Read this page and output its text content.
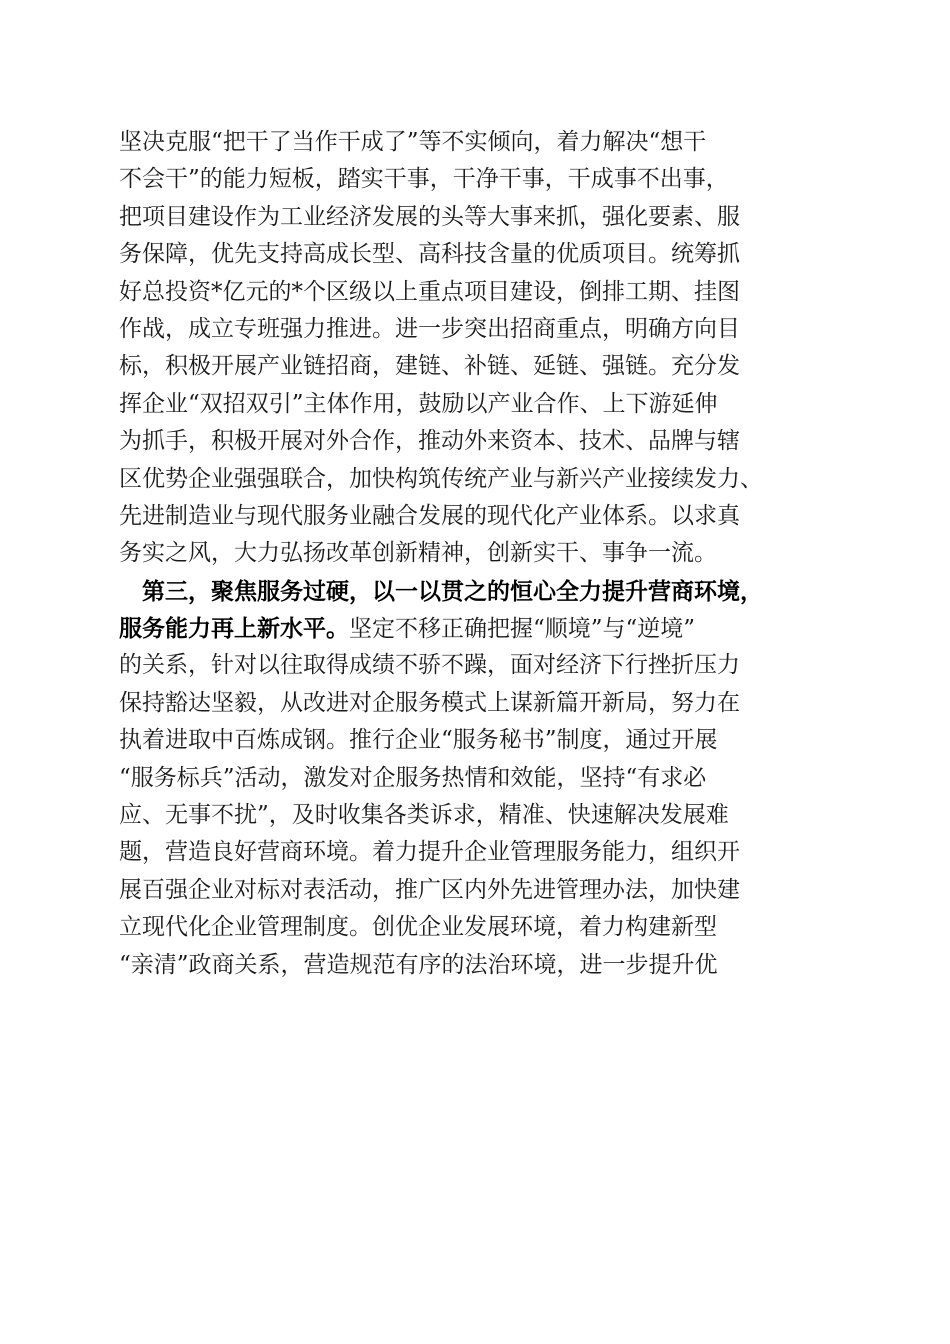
坚决克服“把干了当作干成了”等不实倾向，着力解决“想干
不会干”的能力短板，踏实干事，干净干事，干成事不出事，
把项目建设作为工业经济发展的头等大事来抓，强化要素、服
务保障，优先支持高成长型、高科技含量的优质项目。统筹抓
好总投资*亿元的*个区级以上重点项目建设，倒排工期、挂图
作战，成立专班强力推进。进一步突出招商重点，明确方向目
标，积极开展产业链招商，建链、补链、延链、强链。充分发
挥企业“双招双引”主体作用，鼓励以产业合作、上下游延伸
为抓手，积极开展对外合作，推动外来资本、技术、品牌与辖
区优势企业强强联合，加快构筑传统产业与新兴产业接续发力、
先进制造业与现代服务业融合发展的现代化产业体系。以求真
务实之风，大力弘扬改革创新精神，创新实干、事争一流。
　第三，聚焦服务过硬，以一以贯之的恒心全力提升营商环境，
服务能力再上新水平。坚定不移正确把握“顺境”与“逆境”
的关系，针对以往取得成绩不骄不躁，面对经济下行挫折压力
保持豁达坚毅，从改进对企服务模式上谋新篇开新局，努力在
执着进取中百炼成钢。推行企业“服务秘书”制度，通过开展
“服务标兵”活动，激发对企服务热情和效能，坚持“有求必
应、无事不扰”，及时收集各类诉求，精准、快速解决发展难
题，营造良好营商环境。着力提升企业管理服务能力，组织开
展百强企业对标对表活动，推广区内外先进管理办法，加快建
立现代化企业管理制度。创优企业发展环境，着力构建新型
“亲清”政商关系，营造规范有序的法治环境，进一步提升优
